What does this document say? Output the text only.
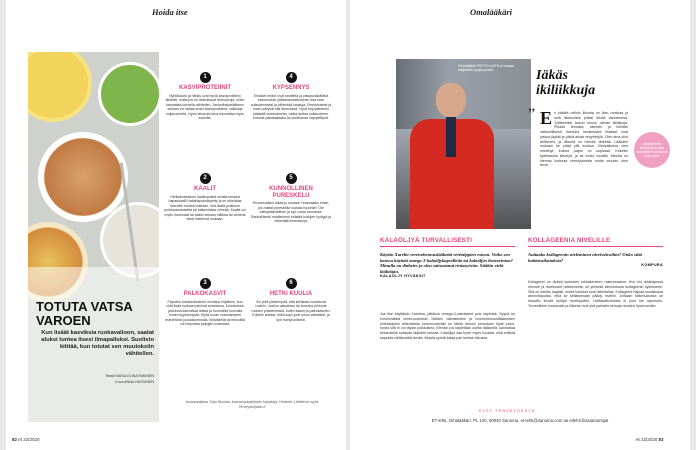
Hoida itse
TOTUTA VATSA VAROEN
Kun lisäät kasviksia ruokavalioon, saatat aluksi tuntea itsesi ilmapalloksi. Suolisto kiittää, kun totutat sen muutoksiin vähitellen.
Teksti KAISA-ELINA RIIKINEN
Kuva ANNA HUOVINEN
1
KASVIPROTEIINIT
Nyhtökaura ja härkis ovat hyviä kasviproteiinin lähteitä, mutta jos ne aiheuttavat ilmavaivoja, niihin kannattaa totutella vähitellen. Jauhelihakastikkeen sekaan voi laittaa ensin kasviproteiinia, valikkaja soijarouhetta. Hyvin siluavia tofua kannattaa myös kokeilla.
2
KAALIT
Herkkävatsainen kaalinysiskä muista lempeä hapankaali! Haitahapoksikytetty ja se aiheuttaa harvoille muriaa mahaan. Voit lisätä joukkoon porkkanaraastetta tai kaikenlaista vihreää. Kaalia voi myös marinoida tai kaikki sekaan etikkaa tai viinieria sekä mielensä mukaan.
3
PALKOKASVIT
Papuihin totuttautuminen onnistuu hiljalleen, kun niitä lisää ruokaan pieninä annoksina. Kuivatuissa pavuissa kannattaa liottaa ja huuhdella kunnolla ennen kypsennystä. Myös ruoan maustaminen esimerkiksi juustokuminalla, inkiväärillä tai fenkolilla voi helpottaa papujen sulamista.
4
KYPSENNYS
Erilaiset kelkot ovat rasitteita ja vatsaystävällisiä kasviruokia: pilkkahaudattuminen saa ruan sulavammaksi ja vähentää kaasuja. Raviintoainet ja maku säilyvät silti lämmössä. Hyvä höyrytäminen säästää vivintoaineita, mutta auttaa sulavuuteen. Kokeile paistaakaalia tai porkkanaa höyrytettynä.
5
KUNNOLLINEN PURESKELU
Ruoansulatus alkaa jo suussa! Huomaatko ensin, jos maltat pureskella ruokasi huolella? Ole vatsaystävällinen ja syö ruoka rauhassa. Rauhallisesti nauttiminen edistää kuitujen hyötyjä ja vähentää ilmavaivoja.
6
HETKI KUULIA
On yhtä yleisempää, että kehäkasi muuttuvat ruokiin. Joskus vatsakivut tai turvotus johtuvat ruokien yhdistelmistä, kuten kaalin ja palkokasvien. Kokeile testata, mikä sopii juuri sinun vatsallesi, ja syö monipuolisesti.
Asiantuntijana Tuija Ruusila, kasvisruokakirjojen kirjoittaja, Helsinki. Lähteenä myös Terveyskirjasto.fi
82 et 22/2020
Omalääkäri
Omalääkäri RIETO LAITILA vastaa lukijoiden kysymyksiin.	Iäkäs
ikiliikkuja
” En käsittä milloin liikunta on liian rankkaa ja mitä liikkumista pitäisi tehdä vanhetessa. Tyttärenikin sanoo minun olevan ikiliikkuja. Pelaan tennistä, kävelen ja hiihdän säännöllisesti. Aamulla herätessäni lihakset ovat joskus jäykät ja päivä alkaa venyttelyllä. Olen aina ollut aktiivinen, ja liikunta on minulle tärkeää. Lääkärin mukaan se pitää yllä kuntoa. Viimeaikoina olen miettinyt, kuinka paljon on sopivasti. Kokeilin syketasolla kävelyä, ja se tuntui hyvältä. Minulla on hieman korkeaa verenpainetta mutta muuten olen terve.
Ikääntyneen kuntoilussa aina kannattaa huomioida oma vointi.
KALAÖLJYÄ TURVALLISESTI
Käytän Xarelto-verenohennuslääkettä veritulppien estoon. Voiko sen kanssa käyttää omega-3-kalaöljykapselleita tai kalaöljyn lisäravintoa? Minulla on diabetes ja olen sairastanut rintasyövän. Sitäkin vielä lääkitään.
KALAÖLJY HYVÄKSI?
Jos itse käyttäisin Xareltoa, jättäisin omega-3-valmisteet pois käytöstä. Syynä on ensimmäistä verenvuotoriski. Näiden valmisteiden ja verenohennuslääkkeiden yhteiskäytön aiheuttama verenvuotoriski on tähän tietoon perustuen hyvin pieni, mutta sitä ei voi täysin poissulkea. Etenkin jos käytetään useita lääkkeitä, kannattaa keskustella hoitavan lääkärin kanssa. Kalaöljyn saa hyvin myös ruoasta, eikä erillistä kapselia välttämättä tarvita. Muista syödä kalaa pari kertaa viikossa.
KOLLAGEENIA NIVELILLE
Auttaako kollageenin nieleminen nivelvaivoihin? Onko siitä haittavaikutuksia?
KOMPURA
Kollageeni on tärkeä kudosten tukirakenteen rakennusaine. Kun iho ikääntyessä ohenee ja nivelrustot heikkenevät, on yleisesti kiinnostusta kollageenin syömiseen. Sitä on tutkittu laajasti, mutta tulokset ovat ristiriitaisia. Kollageeni hajoaa suolistossa aminohapoiksi, eikä se sellaisenaan päädy niveliin. Joissain tutkimuksissa on havaittu lievää hyötyä nivelkipuihin. Haittavaikutuksia ei juuri ole raportoitu. Terveellinen ruokavalio ja liikunta ovat yhä parhaita keinoja nivelten hyvinvointiin.
KYSY TERVEYDESTÄ
ET-lehti, Omalääkäri, PL 100, 00040 Sanoma. et-lehti@sanoma.com tai etlehti.fi/asiantuntijat
et 22/2020 83
